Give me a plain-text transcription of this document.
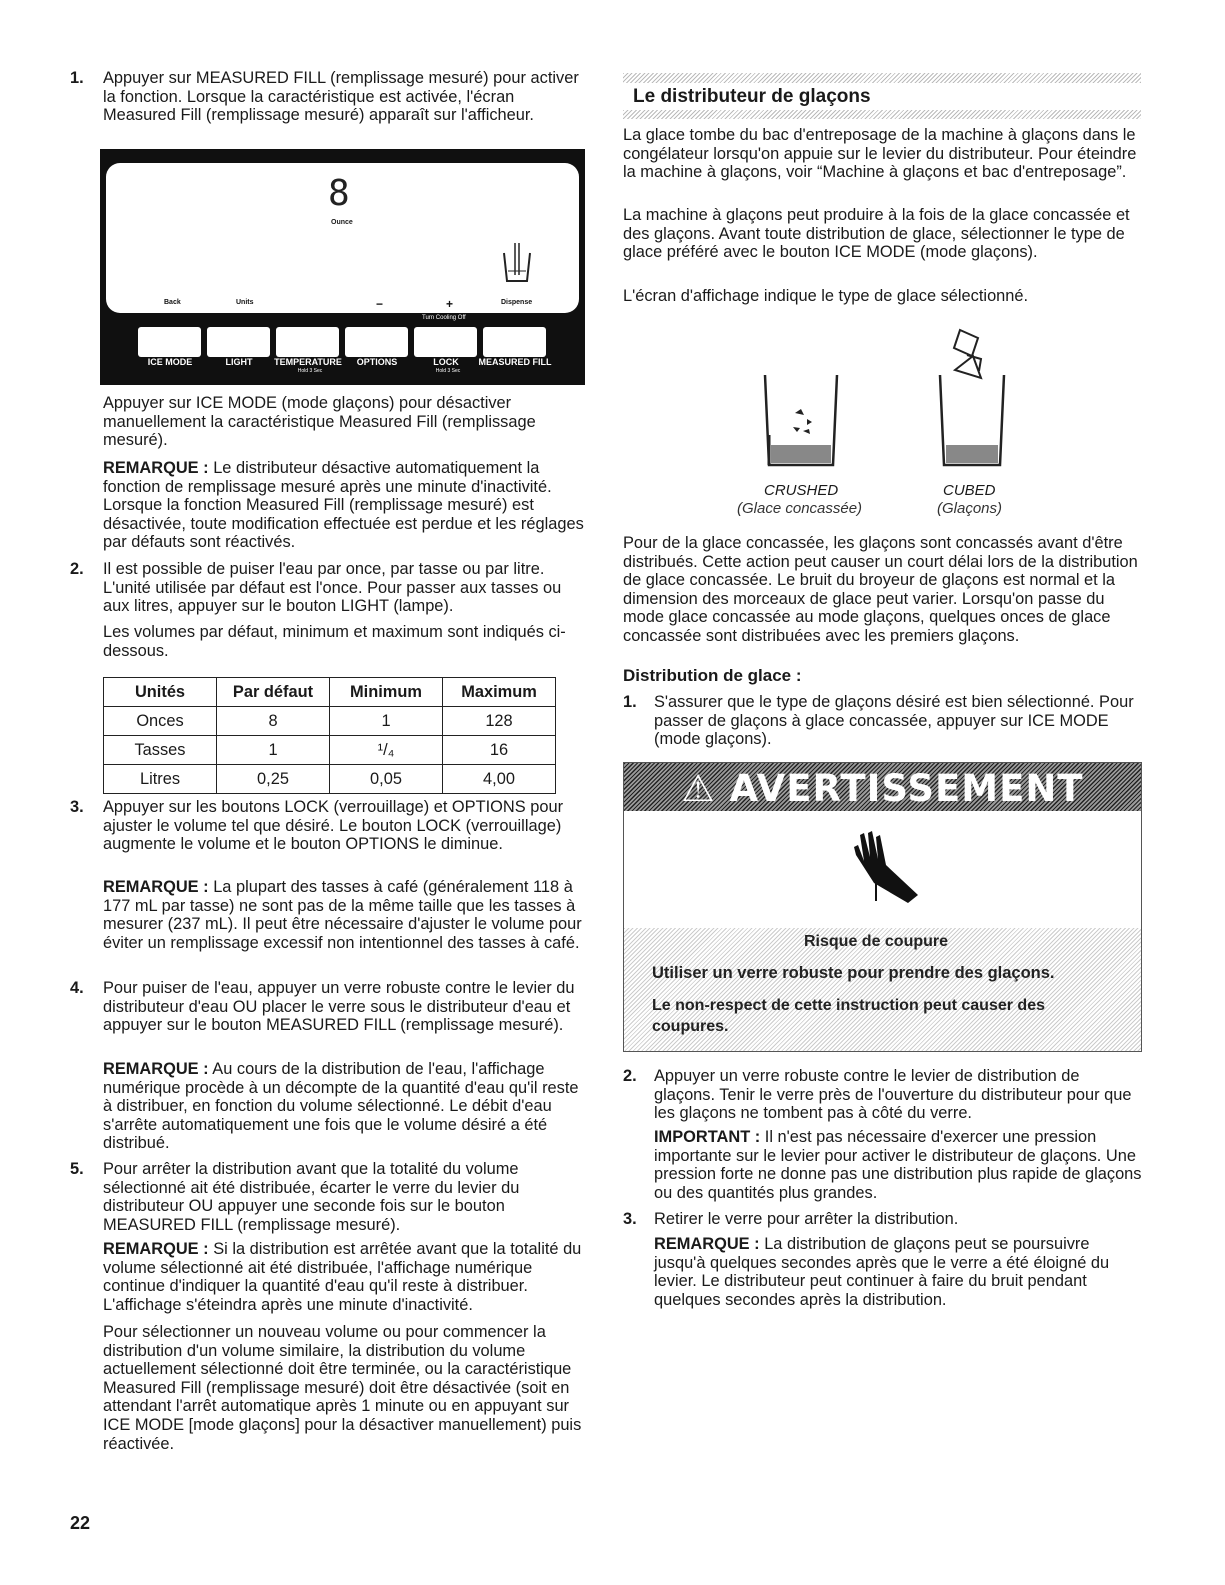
1. Appuyer sur MEASURED FILL (remplissage mesuré) pour activer la fonction. Lorsque la caractéristique est activée, l'écran Measured Fill (remplissage mesuré) apparaît sur l'afficheur.

8
Ounce
Back	Units	−	+	Dispense
Turn Cooling Off
ICE MODE	LIGHT	TEMPERATURE	OPTIONS	LOCK	MEASURED FILL
Hold 3 Sec	Hold 3 Sec

Appuyer sur ICE MODE (mode glaçons) pour désactiver manuellement la caractéristique Measured Fill (remplissage mesuré).

REMARQUE : Le distributeur désactive automatiquement la fonction de remplissage mesuré après une minute d'inactivité. Lorsque la fonction Measured Fill (remplissage mesuré) est désactivée, toute modification effectuée est perdue et les réglages par défauts sont réactivés.

2. Il est possible de puiser l'eau par once, par tasse ou par litre. L'unité utilisée par défaut est l'once. Pour passer aux tasses ou aux litres, appuyer sur le bouton LIGHT (lampe).

Les volumes par défaut, minimum et maximum sont indiqués ci-dessous.

Unités	Par défaut	Minimum	Maximum
Onces	8	1	128
Tasses	1	¹/₄	16
Litres	0,25	0,05	4,00
3. Appuyer sur les boutons LOCK (verrouillage) et OPTIONS pour ajuster le volume tel que désiré. Le bouton LOCK (verrouillage) augmente le volume et le bouton OPTIONS le diminue.

REMARQUE : La plupart des tasses à café (généralement 118 à 177 mL par tasse) ne sont pas de la même taille que les tasses à mesurer (237 mL). Il peut être nécessaire d'ajuster le volume pour éviter un remplissage excessif non intentionnel des tasses à café.

4. Pour puiser de l'eau, appuyer un verre robuste contre le levier du distributeur d'eau OU placer le verre sous le distributeur d'eau et appuyer sur le bouton MEASURED FILL (remplissage mesuré).

REMARQUE : Au cours de la distribution de l'eau, l'affichage numérique procède à un décompte de la quantité d'eau qu'il reste à distribuer, en fonction du volume sélectionné. Le débit d'eau s'arrête automatiquement une fois que le volume désiré a été distribué.

5. Pour arrêter la distribution avant que la totalité du volume sélectionné ait été distribuée, écarter le verre du levier du distributeur OU appuyer une seconde fois sur le bouton MEASURED FILL (remplissage mesuré).

REMARQUE : Si la distribution est arrêtée avant que la totalité du volume sélectionné ait été distribuée, l'affichage numérique continue d'indiquer la quantité d'eau qu'il reste à distribuer. L'affichage s'éteindra après une minute d'inactivité.

Pour sélectionner un nouveau volume ou pour commencer la distribution d'un volume similaire, la distribution du volume actuellement sélectionné doit être terminée, ou la caractéristique Measured Fill (remplissage mesuré) doit être désactivée (soit en attendant l'arrêt automatique après 1 minute ou en appuyant sur ICE MODE [mode glaçons] pour la désactiver manuellement) puis réactivée.

22
Le distributeur de glaçons

La glace tombe du bac d'entreposage de la machine à glaçons dans le congélateur lorsqu'on appuie sur le levier du distributeur. Pour éteindre la machine à glaçons, voir “Machine à glaçons et bac d'entreposage”.

La machine à glaçons peut produire à la fois de la glace concassée et des glaçons. Avant toute distribution de glace, sélectionner le type de glace préféré avec le bouton ICE MODE (mode glaçons).

L'écran d'affichage indique le type de glace sélectionné.

CRUSHED
(Glace concassée)
CUBED
(Glaçons)

Pour de la glace concassée, les glaçons sont concassés avant d'être distribués. Cette action peut causer un court délai lors de la distribution de glace concassée. Le bruit du broyeur de glaçons est normal et la dimension des morceaux de glace peut varier. Lorsqu'on passe du mode glace concassée au mode glaçons, quelques onces de glace concassée sont distribuées avec les premiers glaçons.

Distribution de glace :
1. S'assurer que le type de glaçons désiré est bien sélectionné. Pour passer de glaçons à glace concassée, appuyer sur ICE MODE (mode glaçons).

⚠ AVERTISSEMENT
Risque de coupure
Utiliser un verre robuste pour prendre des glaçons.
Le non-respect de cette instruction peut causer des coupures.
2. Appuyer un verre robuste contre le levier de distribution de glaçons. Tenir le verre près de l'ouverture du distributeur pour que les glaçons ne tombent pas à côté du verre.

IMPORTANT : Il n'est pas nécessaire d'exercer une pression importante sur le levier pour activer le distributeur de glaçons. Une pression forte ne donne pas une distribution plus rapide de glaçons ou des quantités plus grandes.

3. Retirer le verre pour arrêter la distribution.

REMARQUE : La distribution de glaçons peut se poursuivre jusqu'à quelques secondes après que le verre a été éloigné du levier. Le distributeur peut continuer à faire du bruit pendant quelques secondes après la distribution.
